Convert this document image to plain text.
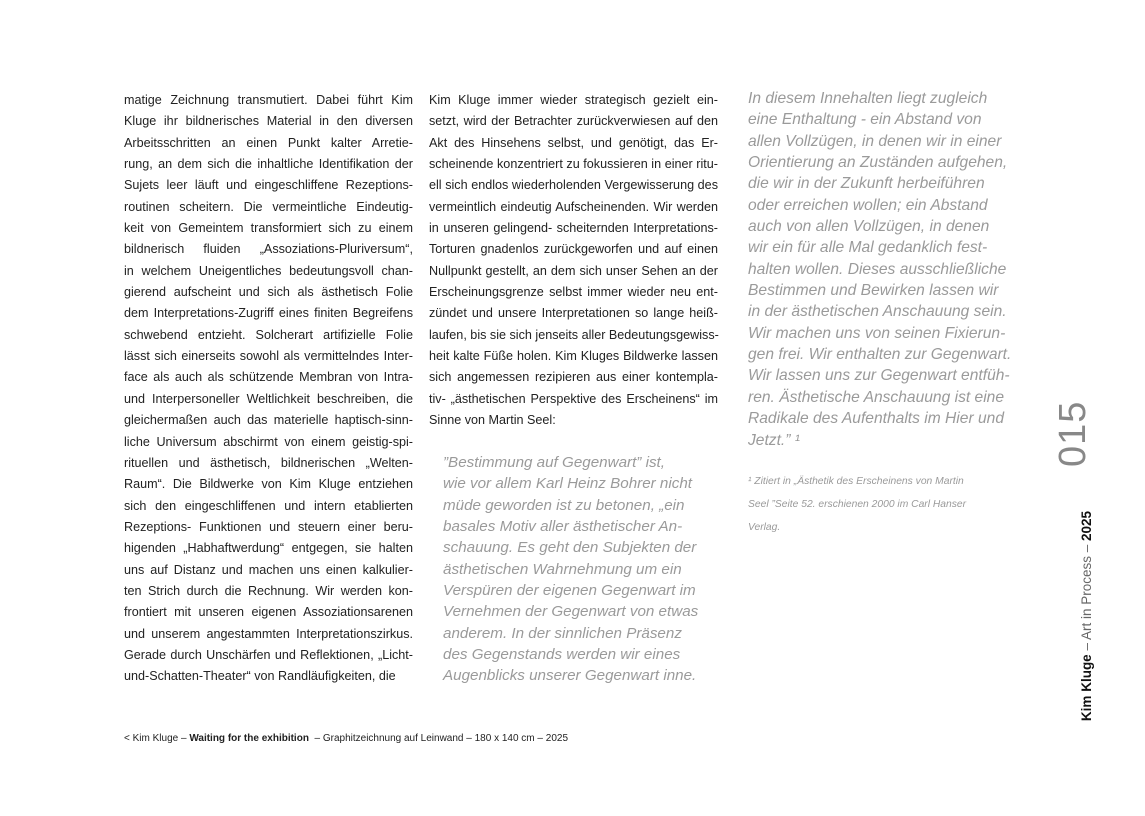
matige Zeichnung transmutiert. Dabei führt Kim
Kluge ihr bildnerisches Material in den diversen
Arbeitsschritten an einen Punkt kalter Arretie-
rung, an dem sich die inhaltliche Identifikation der
Sujets leer läuft und eingeschliffene Rezeptions-
routinen scheitern. Die vermeintliche Eindeutig-
keit von Gemeintem transformiert sich zu einem
bildnerisch fluiden „Assoziations-Pluriversum“,
in welchem Uneigentliches bedeutungsvoll chan-
gierend aufscheint und sich als ästhetisch Folie
dem Interpretations-Zugriff eines finiten Begreifens
schwebend entzieht. Solcherart artifizielle Folie
lässt sich einerseits sowohl als vermittelndes Inter-
face als auch als schützende Membran von Intra-
und Interpersoneller Weltlichkeit beschreiben, die
gleichermaßen auch das materielle haptisch-sinn-
liche Universum abschirmt von einem geistig-spi-
rituellen und ästhetisch, bildnerischen „Welten-
Raum“. Die Bildwerke von Kim Kluge entziehen
sich den eingeschliffenen und intern etablierten
Rezeptions- Funktionen und steuern einer beru-
higenden „Habhaftwerdung“ entgegen, sie halten
uns auf Distanz und machen uns einen kalkulier-
ten Strich durch die Rechnung. Wir werden kon-
frontiert mit unseren eigenen Assoziationsarenen
und unserem angestammten Interpretationszirkus.
Gerade durch Unschärfen und Reflektionen, „Licht-
und-Schatten-Theater“ von Randläufigkeiten, die
Kim Kluge immer wieder strategisch gezielt ein-
setzt, wird der Betrachter zurückverwiesen auf den
Akt des Hinsehens selbst, und genötigt, das Er-
scheinende konzentriert zu fokussieren in einer ritu-
ell sich endlos wiederholenden Vergewisserung des
vermeintlich eindeutig Aufscheinenden. Wir werden
in unseren gelingend- scheiternden Interpretations-
Torturen gnadenlos zurückgeworfen und auf einen
Nullpunkt gestellt, an dem sich unser Sehen an der
Erscheinungsgrenze selbst immer wieder neu ent-
zündet und unsere Interpretationen so lange heiß-
laufen, bis sie sich jenseits aller Bedeutungsgewiss-
heit kalte Füße holen. Kim Kluges Bildwerke lassen
sich angemessen rezipieren aus einer kontempla-
tiv- „ästhetischen Perspektive des Erscheinens“ im
Sinne von Martin Seel:
”Bestimmung auf Gegenwart” ist,
wie vor allem Karl Heinz Bohrer nicht
müde geworden ist zu betonen, „ein
basales Motiv aller ästhetischer An-
schauung. Es geht den Subjekten der
ästhetischen Wahrnehmung um ein
Verspüren der eigenen Gegenwart im
Vernehmen der Gegenwart von etwas
anderem. In der sinnlichen Präsenz
des Gegenstands werden wir eines
Augenblicks unserer Gegenwart inne.
In diesem Innehalten liegt zugleich
eine Enthaltung - ein Abstand von
allen Vollzügen, in denen wir in einer
Orientierung an Zuständen aufgehen,
die wir in der Zukunft herbeiführen
oder erreichen wollen; ein Abstand
auch von allen Vollzügen, in denen
wir ein für alle Mal gedanklich fest-
halten wollen. Dieses ausschließliche
Bestimmen und Bewirken lassen wir
in der ästhetischen Anschauung sein.
Wir machen uns von seinen Fixierun-
gen frei. Wir enthalten zur Gegenwart.
Wir lassen uns zur Gegenwart entfüh-
ren. Ästhetische Anschauung ist eine
Radikale des Aufenthalts im Hier und
Jetzt.” ¹
¹ Zitiert in „Ästhetik des Erscheinens von Martin
Seel ”Seite 52. erschienen 2000 im Carl Hanser
Verlag.
< Kim Kluge – Waiting for the exhibition  – Graphitzeichnung auf Leinwand – 180 x 140 cm – 2025
015
Kim Kluge – Art in Process – 2025
